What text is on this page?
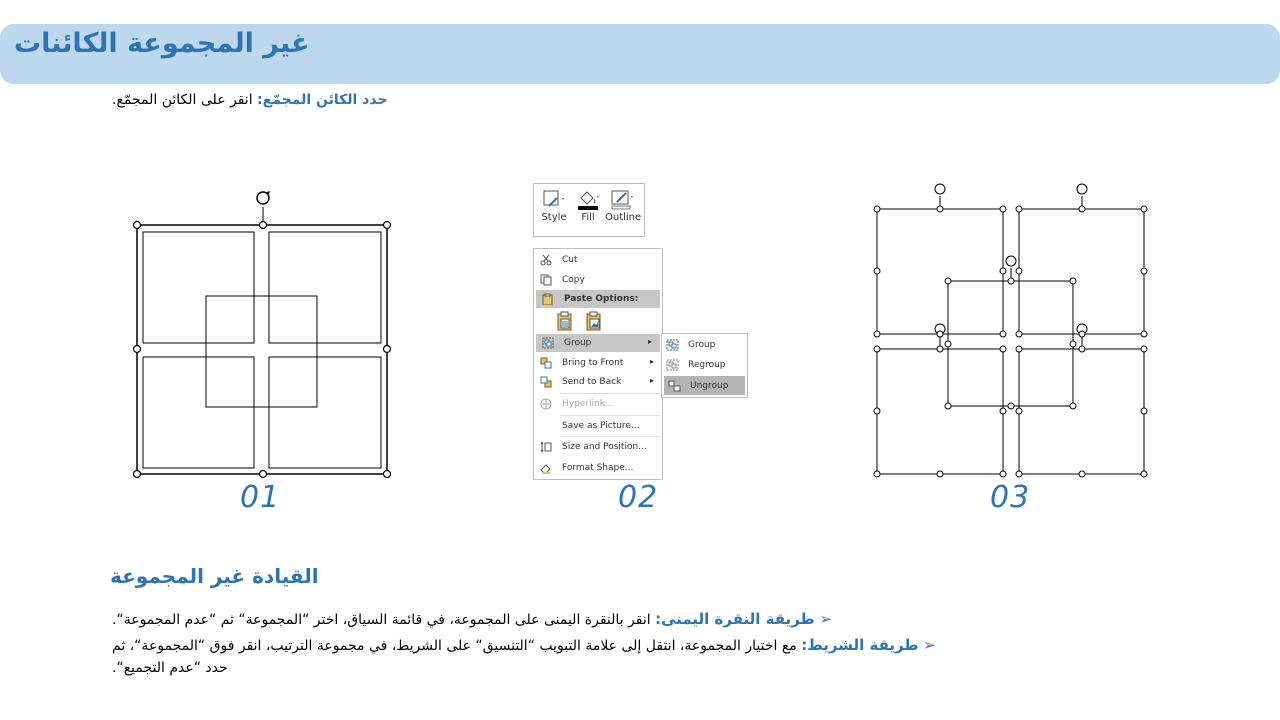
غير المجموعة الكائنات
حدد الكائن المجمّع: انقر على الكائن المجمّع.
01
Style	Fill	Outline
Cut
Copy
Paste Options:
Group	▸
Bring to Front	▸
Send to Back	▸
Hyperlink...
Save as Picture...
Size and Position...
Format Shape...
Group
Regroup
Ungroup
02	03
القيادة غير المجموعة
➢ طريقة النقرة اليمنى: انقر بالنقرة اليمنى على المجموعة، في قائمة السياق، اختر “المجموعة“ ثم “عدم المجموعة“.
➢ طريقة الشريط: مع اختيار المجموعة، انتقل إلى علامة التبويب “التنسيق“ على الشريط، في مجموعة الترتيب، انقر فوق “المجموعة“، ثم
حدد “عدم التجميع“.
